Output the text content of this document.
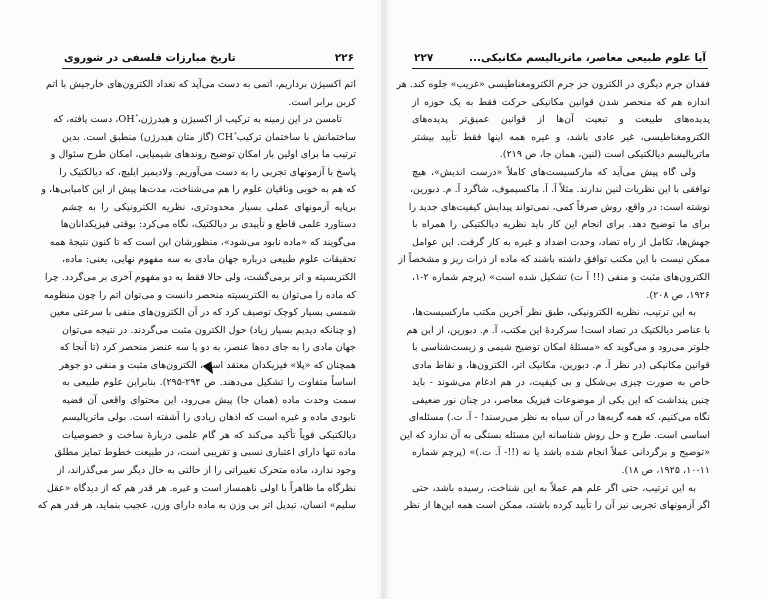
۲۲۶
تاریخ مبارزات فلسفی در شوروی
اتم اکسیژن برداریم، اتمی به دست می‌آید که تعداد الکترون‌های خارجیش با اتم
کربن برابر است.
تامسن در این زمینه به ترکیب از اکسیژن و هیدرژن، ٔOH، دست یافته، که
ساختمانش با ساختمان ترکیب ٔCH (گاز متان هیدرژن) منطبق است. بدین
ترتیب ما برای اولین بار امکان توضیح روندهای شیمیایی، امکان طرح سئوال و
پاسخ با آزمونهای تجربی را به دست می‌آوریم. ولادیمیر ایلیچ، که دیالکتیک را
که هم به خوبی وناقیان علوم را هم می‌شناخت، مدت‌ها پیش از این کامیابی‌ها، و
برپایه آزمونهای عملی بسیار محدودتری، نظریه الکترونیکی را به چشم
دستاورد علمی قاطع و تأییدی بر دیالکتیک، نگاه می‌کرد: بوقتی فیزیکدانان‌ها
می‌گویند که «ماده نابود می‌شود»، منظورشان این است که تا کنون نتیجهٔ همه
تحقیقات علوم طبیعی درباره جهان مادی به سه مفهوم نهایی، یعنی: ماده،
الکتریسیته و اتر برمی‌گشت، ولی حالا فقط به دو مفهوم آخری بر می‌گردد. چرا
که ماده را می‌توان به الکتریسیته منحصر دانست و می‌توان اتم را چون منظومه
شمسی بسیار کوچک توصیف کرد که در آن الکترون‌های منفی با سرعتی معین
(و چنانکه دیدیم بسیار زیاد) حول الکترون مثبت می‌گردند. در نتیجه می‌توان
جهان مادی را به جای ده‌ها عنصر، به دو یا سه عنصر منحصر کرد (تا آنجا که
همچنان که «پلا» فیزیکدان معتقد است، الکترون‌های مثبت و منفی دو جوهر
اساساً متفاوت را تشکیل می‌دهند. ص ۲۹۴-۲۹۵). بنابراین علوم طبیعی به
سمت وحدت ماده (همان جا) پیش می‌رود، این محتوای واقعی آن قضیه
نابودی ماده و غیره است که اذهان زیادی را آشفته است. بولی ماتریالیسم
دیالکتیکی قویاً تأکید می‌کند که هر گام علمی دربارهٔ ساخت و خصوصیات
ماده تنها دارای اعتباری نسبی و تقریبی است، در طبیعت خطوط تمایز مطلق
وجود ندارد، ماده متحرک تغییراتی را از حالتی به حال دیگر سر می‌گذراند، از
نظرگاه ما ظاهراً با اولی ناهمساز است و غیره. هر قدر هم که از دیدگاه «عقل
سلیم» انسان، تبدیل اتر بی وزن به ماده دارای وزن، عجیب بنماید، هر قدر هم که
آیا علوم طبیعی معاصر، ماتریالیسم مکانیکی...
۲۲۷
فقدان جرم دیگری در الکترون جز جرم الکترومغناطیسی «غریب» جلوه کند. هر
اندازه هم که منحصر شدن قوانین مکانیکی حرکت فقط به یک حوزه از
پدیده‌های طبیعت و تبعیت آن‌ها از قوانین عمیق‌تر پدیده‌های
الکترومغناطیسی، غیر عادی باشد، و غیره همه اینها فقط تأیید بیشتر
ماتریالیسم دیالکتیکی است (لنین، همان جا، ص ۲۱۹).
ولی گاه پیش می‌آید که مارکسیست‌های کاملاً «درست اندیش»، هیچ
توافقی با این نظریات لنین ندارند. مثلاً آ. آ. ماکسیموف، شاگرد آ. م. دبورین،
نوشته است: در واقع، روش صرفاً کمی، نمی‌تواند پیدایش کیفیت‌های جدید را
برای ما توضیح دهد. برای انجام این کار باید نظریه دیالکتیکی را همراه با
جهش‌ها، تکامل از راه تضاد، وحدت اضداد و غیره به کار گرفت. این عوامل
ممکن نیست با این مکتب توافق داشته باشند که ماده از ذرات ریز و مشخصاً از
الکترون‌های مثبت و منفی (!! آ ت) تشکیل شده است» (پرچم شماره ۲-۱،
۱۹۲۶، ص ۲۰۸).
به این ترتیب، نظریه الکترونیکی، طبق نظر آخرین مکتب مارکسیست‌ها،
با عناصر دیالکتیک در تضاد است! سرکردهٔ این مکتب، آ. م. دبورین، از این هم
جلوتر می‌رود و می‌گوید که «مسئلهٔ امکان توضیح شیمی و زیست‌شناسی با
قوانین مکانیکی (در نظر آ. م. دبورین، مکانیک اتر، الکترون‌ها، و نقاط مادی
خاص به صورت چیزی بی‌شکل و بی کیفیت، در هم ادغام می‌شوند - باید
چنین پنداشت که این یکی از موضوعات فیزیک معاصر، در چنان نور ضعیفی
نگاه می‌کنیم، که همه گربه‌ها در آن سیاه به نظر می‌رسند! - آ. ت.) مسئله‌ای
اساسی است. طرح و حل روش شناسانه این مسئله بستگی به آن ندارد که این
«توضیح و برگردانی عملاً انجام شده باشد یا نه (!!- آ. ت.)» (پرچم شماره
۱۰-۱۱، ۱۹۲۵، ص ۱۸).
به این ترتیب، حتی اگر علم هم عملاً به این شناخت، رسیده باشد، حتی
اگر آزمونهای تجربی نیز آن را تأیید کرده باشند، ممکن است همه این‌ها از نظر
